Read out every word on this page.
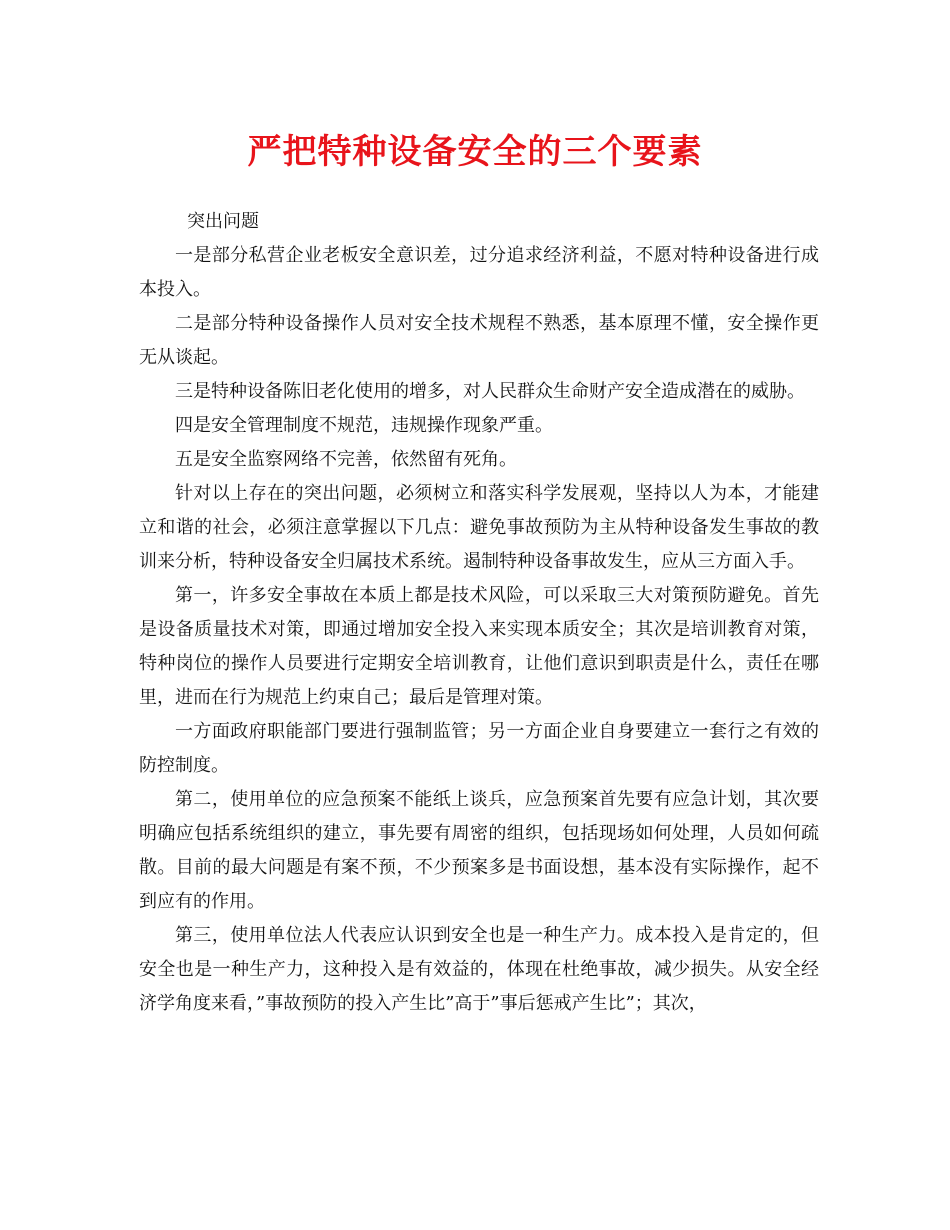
严把特种设备安全的三个要素

突出问题

一是部分私营企业老板安全意识差，过分追求经济利益，不愿对特种设备进行成本投入。

二是部分特种设备操作人员对安全技术规程不熟悉，基本原理不懂，安全操作更无从谈起。

三是特种设备陈旧老化使用的增多，对人民群众生命财产安全造成潜在的威胁。

四是安全管理制度不规范，违规操作现象严重。

五是安全监察网络不完善，依然留有死角。

针对以上存在的突出问题，必须树立和落实科学发展观，坚持以人为本，才能建立和谐的社会，必须注意掌握以下几点：避免事故预防为主从特种设备发生事故的教训来分析，特种设备安全归属技术系统。遏制特种设备事故发生，应从三方面入手。

第一，许多安全事故在本质上都是技术风险，可以采取三大对策预防避免。首先是设备质量技术对策，即通过增加安全投入来实现本质安全；其次是培训教育对策，特种岗位的操作人员要进行定期安全培训教育，让他们意识到职责是什么，责任在哪里，进而在行为规范上约束自己；最后是管理对策。

一方面政府职能部门要进行强制监管；另一方面企业自身要建立一套行之有效的防控制度。

第二，使用单位的应急预案不能纸上谈兵，应急预案首先要有应急计划，其次要明确应包括系统组织的建立，事先要有周密的组织，包括现场如何处理，人员如何疏散。目前的最大问题是有案不预，不少预案多是书面设想，基本没有实际操作，起不到应有的作用。

第三，使用单位法人代表应认识到安全也是一种生产力。成本投入是肯定的，但安全也是一种生产力，这种投入是有效益的，体现在杜绝事故，减少损失。从安全经济学角度来看，”事故预防的投入产生比”高于”事后惩戒产生比”；其次，
